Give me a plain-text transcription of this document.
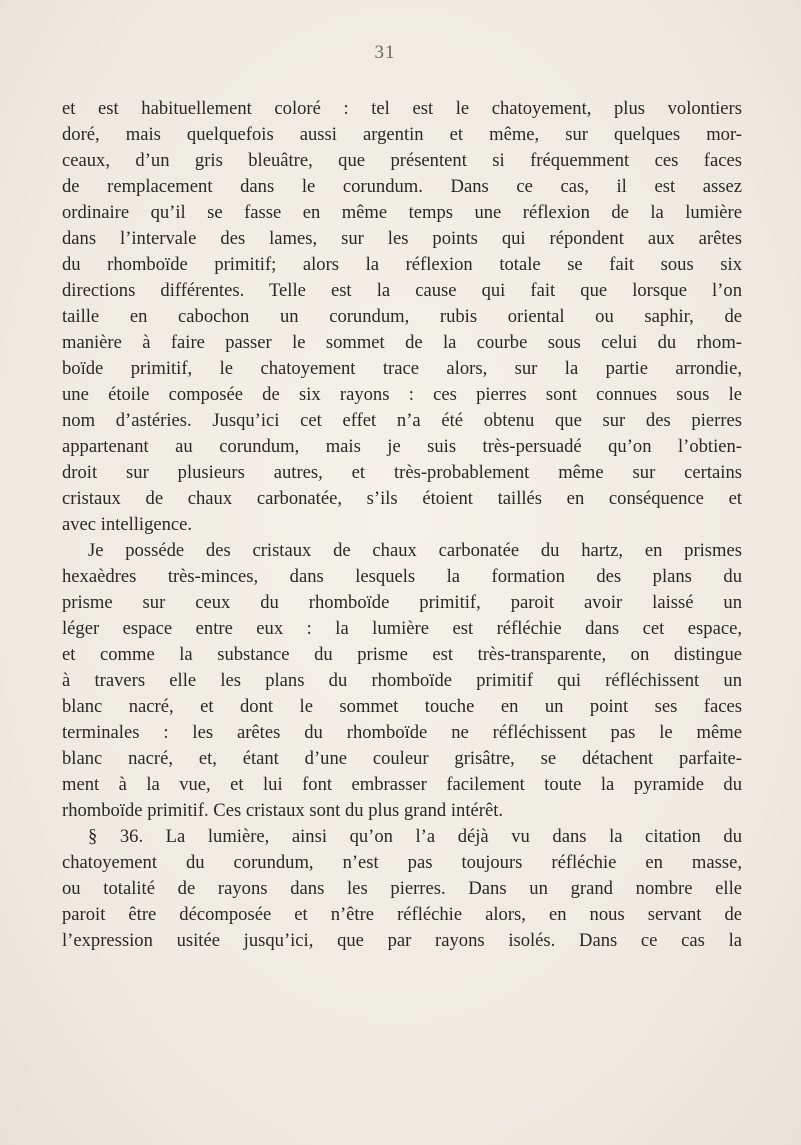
31
et est habituellement coloré : tel est le chatoyement, plus volontiers
doré, mais quelquefois aussi argentin et même, sur quelques mor-
ceaux, d’un gris bleuâtre, que présentent si fréquemment ces faces
de remplacement dans le corundum. Dans ce cas, il est assez
ordinaire qu’il se fasse en même temps une réflexion de la lumière
dans l’intervale des lames, sur les points qui répondent aux arêtes
du rhomboïde primitif; alors la réflexion totale se fait sous six
directions différentes. Telle est la cause qui fait que lorsque l’on
taille en cabochon un corundum, rubis oriental ou saphir, de
manière à faire passer le sommet de la courbe sous celui du rhom-
boïde primitif, le chatoyement trace alors, sur la partie arrondie,
une étoile composée de six rayons : ces pierres sont connues sous le
nom d’astéries. Jusqu’ici cet effet n’a été obtenu que sur des pierres
appartenant au corundum, mais je suis très-persuadé qu’on l’obtien-
droit sur plusieurs autres, et très-probablement même sur certains
cristaux de chaux carbonatée, s’ils étoient taillés en conséquence et
avec intelligence.
Je posséde des cristaux de chaux carbonatée du hartz, en prismes
hexaèdres très-minces, dans lesquels la formation des plans du
prisme sur ceux du rhomboïde primitif, paroit avoir laissé un
léger espace entre eux : la lumière est réfléchie dans cet espace,
et comme la substance du prisme est très-transparente, on distingue
à travers elle les plans du rhomboïde primitif qui réfléchissent un
blanc nacré, et dont le sommet touche en un point ses faces
terminales : les arêtes du rhomboïde ne réfléchissent pas le même
blanc nacré, et, étant d’une couleur grisâtre, se détachent parfaite-
ment à la vue, et lui font embrasser facilement toute la pyramide du
rhomboïde primitif. Ces cristaux sont du plus grand intérêt.
§ 36. La lumière, ainsi qu’on l’a déjà vu dans la citation du
chatoyement du corundum, n’est pas toujours réfléchie en masse,
ou totalité de rayons dans les pierres. Dans un grand nombre elle
paroit être décomposée et n’être réfléchie alors, en nous servant de
l’expression usitée jusqu’ici, que par rayons isolés. Dans ce cas la
